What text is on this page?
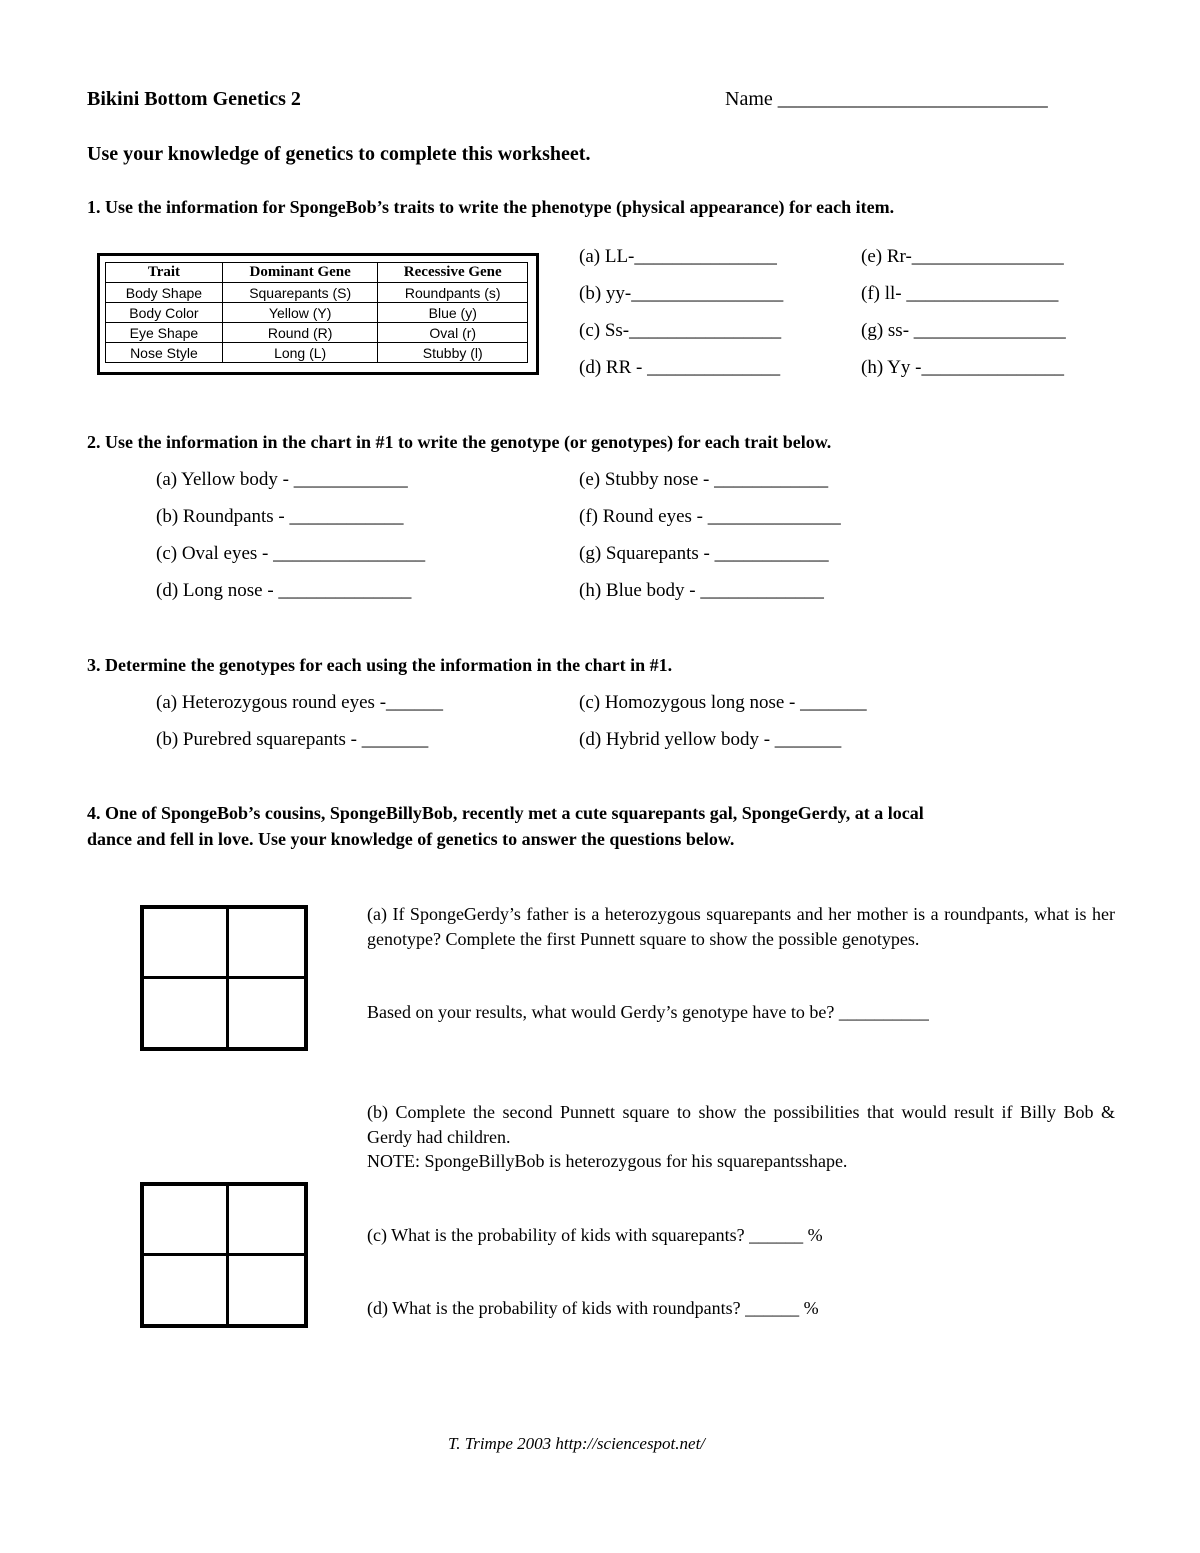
Bikini Bottom Genetics 2	Name ___________________________
Use your knowledge of genetics to complete this worksheet.
1. Use the information for SpongeBob’s traits to write the phenotype (physical appearance) for each item.
Trait	Dominant Gene	Recessive Gene
Body Shape	Squarepants (S)	Roundpants (s)
Body Color	Yellow (Y)	Blue (y)
Eye Shape	Round (R)	Oval (r)
Nose Style	Long (L)	Stubby (l)
(a) LL-_______________
(b) yy-________________
(c) Ss-________________
(d) RR - ______________
(e) Rr-________________
(f) ll- ________________
(g) ss- ________________
(h) Yy -_______________
2. Use the information in the chart in #1 to write the genotype (or genotypes) for each trait below.
(a) Yellow body - ____________
(b) Roundpants - ____________
(c) Oval eyes - ________________
(d) Long nose - ______________
(e) Stubby nose - ____________
(f) Round eyes - ______________
(g) Squarepants - ____________
(h) Blue body - _____________
3. Determine the genotypes for each using the information in the chart in #1.
(a) Heterozygous round eyes -______
(b) Purebred squarepants - _______
(c) Homozygous long nose - _______
(d) Hybrid yellow body - _______
4. One of SpongeBob’s cousins, SpongeBillyBob, recently met a cute squarepants gal, SpongeGerdy, at a local
dance and fell in love. Use your knowledge of genetics to answer the questions below.
(a) If SpongeGerdy’s father is a heterozygous squarepants and her mother is a roundpants, what is her genotype? Complete the first Punnett square to show the possible genotypes.
Based on your results, what would Gerdy’s genotype have to be? __________
(b) Complete the second Punnett square to show the possibilities that would result if Billy Bob & Gerdy had children.
NOTE: SpongeBillyBob is heterozygous for his squarepantsshape.
(c) What is the probability of kids with squarepants? ______ %
(d) What is the probability of kids with roundpants? ______ %
T. Trimpe 2003 http://sciencespot.net/
